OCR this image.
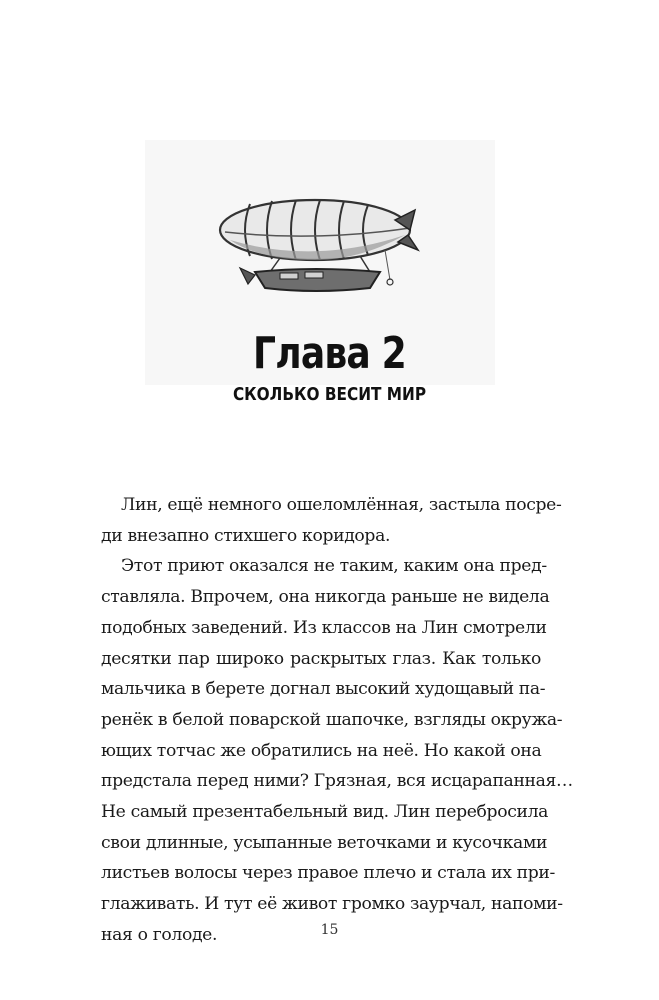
Глава 2
СКОЛЬКО ВЕСИТ МИР
Лин, ещё немного ошеломлённая, застыла посре-
ди внезапно стихшего коридора.
Этот приют оказался не таким, каким она пред-
ставляла. Впрочем, она никогда раньше не видела
подобных заведений. Из классов на Лин смотрели
десятки пар широко раскрытых глаз. Как только
мальчика в берете догнал высокий худощавый па-
ренёк в белой поварской шапочке, взгляды окружа-
ющих тотчас же обратились на неё. Но какой она
предстала перед ними? Грязная, вся исцарапанная…
Не самый презентабельный вид. Лин перебросила
свои длинные, усыпанные веточками и кусочками
листьев волосы через правое плечо и стала их при-
глаживать. И тут её живот громко заурчал, напоми-
ная о голоде.	15
